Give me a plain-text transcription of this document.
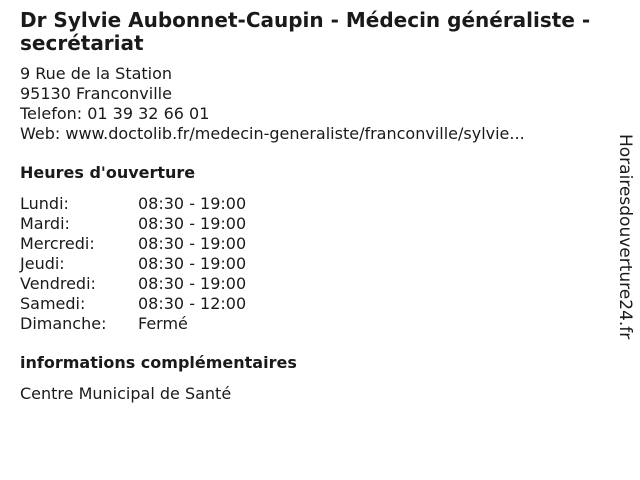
Dr Sylvie Aubonnet-Caupin - Médecin généraliste - secrétariat
9 Rue de la Station
95130 Franconville
Telefon: 01 39 32 66 01
Web: www.doctolib.fr/medecin-generaliste/franconville/sylvie...
Heures d'ouverture
Lundi:	08:30 - 19:00
Mardi:	08:30 - 19:00
Mercredi:	08:30 - 19:00
Jeudi:	08:30 - 19:00
Vendredi:	08:30 - 19:00
Samedi:	08:30 - 12:00
Dimanche: Fermé
informations complémentaires
Centre Municipal de Santé
Horairesdouverture24.fr
